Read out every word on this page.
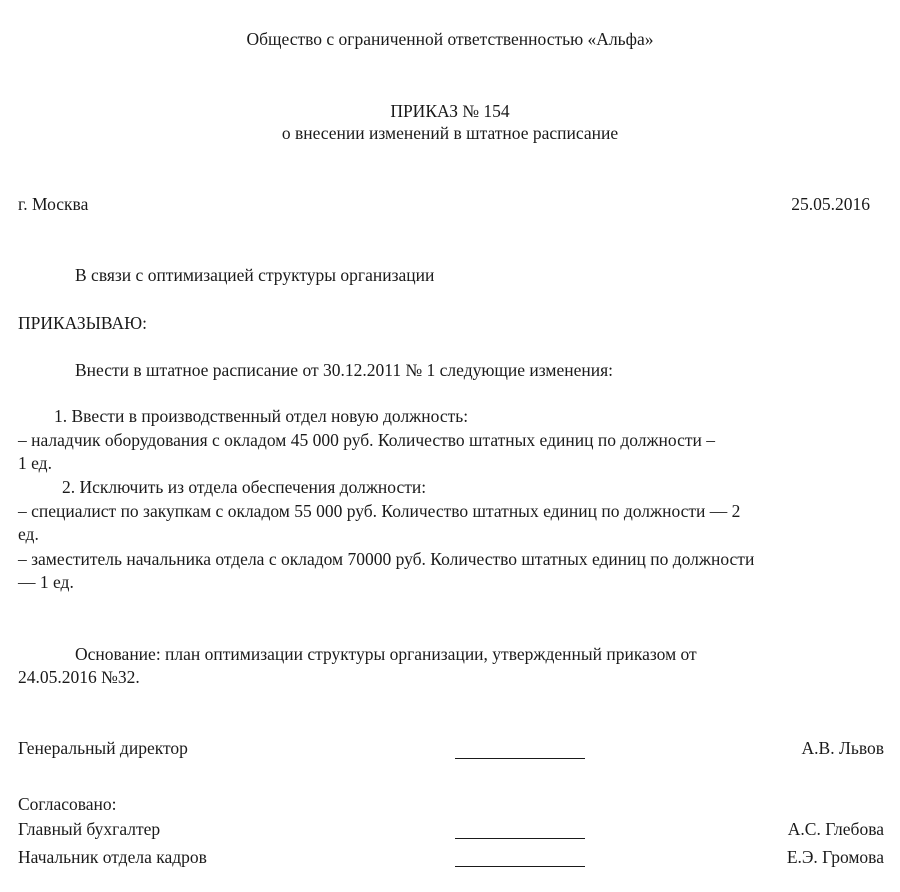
Общество с ограниченной ответственностью «Альфа»
ПРИКАЗ № 154
о внесении изменений в штатное расписание
г. Москва	25.05.2016
В связи с оптимизацией структуры организации
ПРИКАЗЫВАЮ:
Внести в штатное расписание от 30.12.2011 № 1 следующие изменения:
1. Ввести в производственный отдел новую должность:
– наладчик оборудования с окладом 45 000 руб. Количество штатных единиц по должности –
1 ед.
2. Исключить из отдела обеспечения должности:
– специалист по закупкам с окладом 55 000 руб. Количество штатных единиц по должности — 2
ед.
– заместитель начальника отдела с окладом 70000 руб. Количество штатных единиц по должности
— 1 ед.
Основание: план оптимизации структуры организации, утвержденный приказом от
24.05.2016 №32.
Генеральный директор	А.В. Львов
Согласовано:
Главный бухгалтер	А.С. Глебова
Начальник отдела кадров	Е.Э. Громова
